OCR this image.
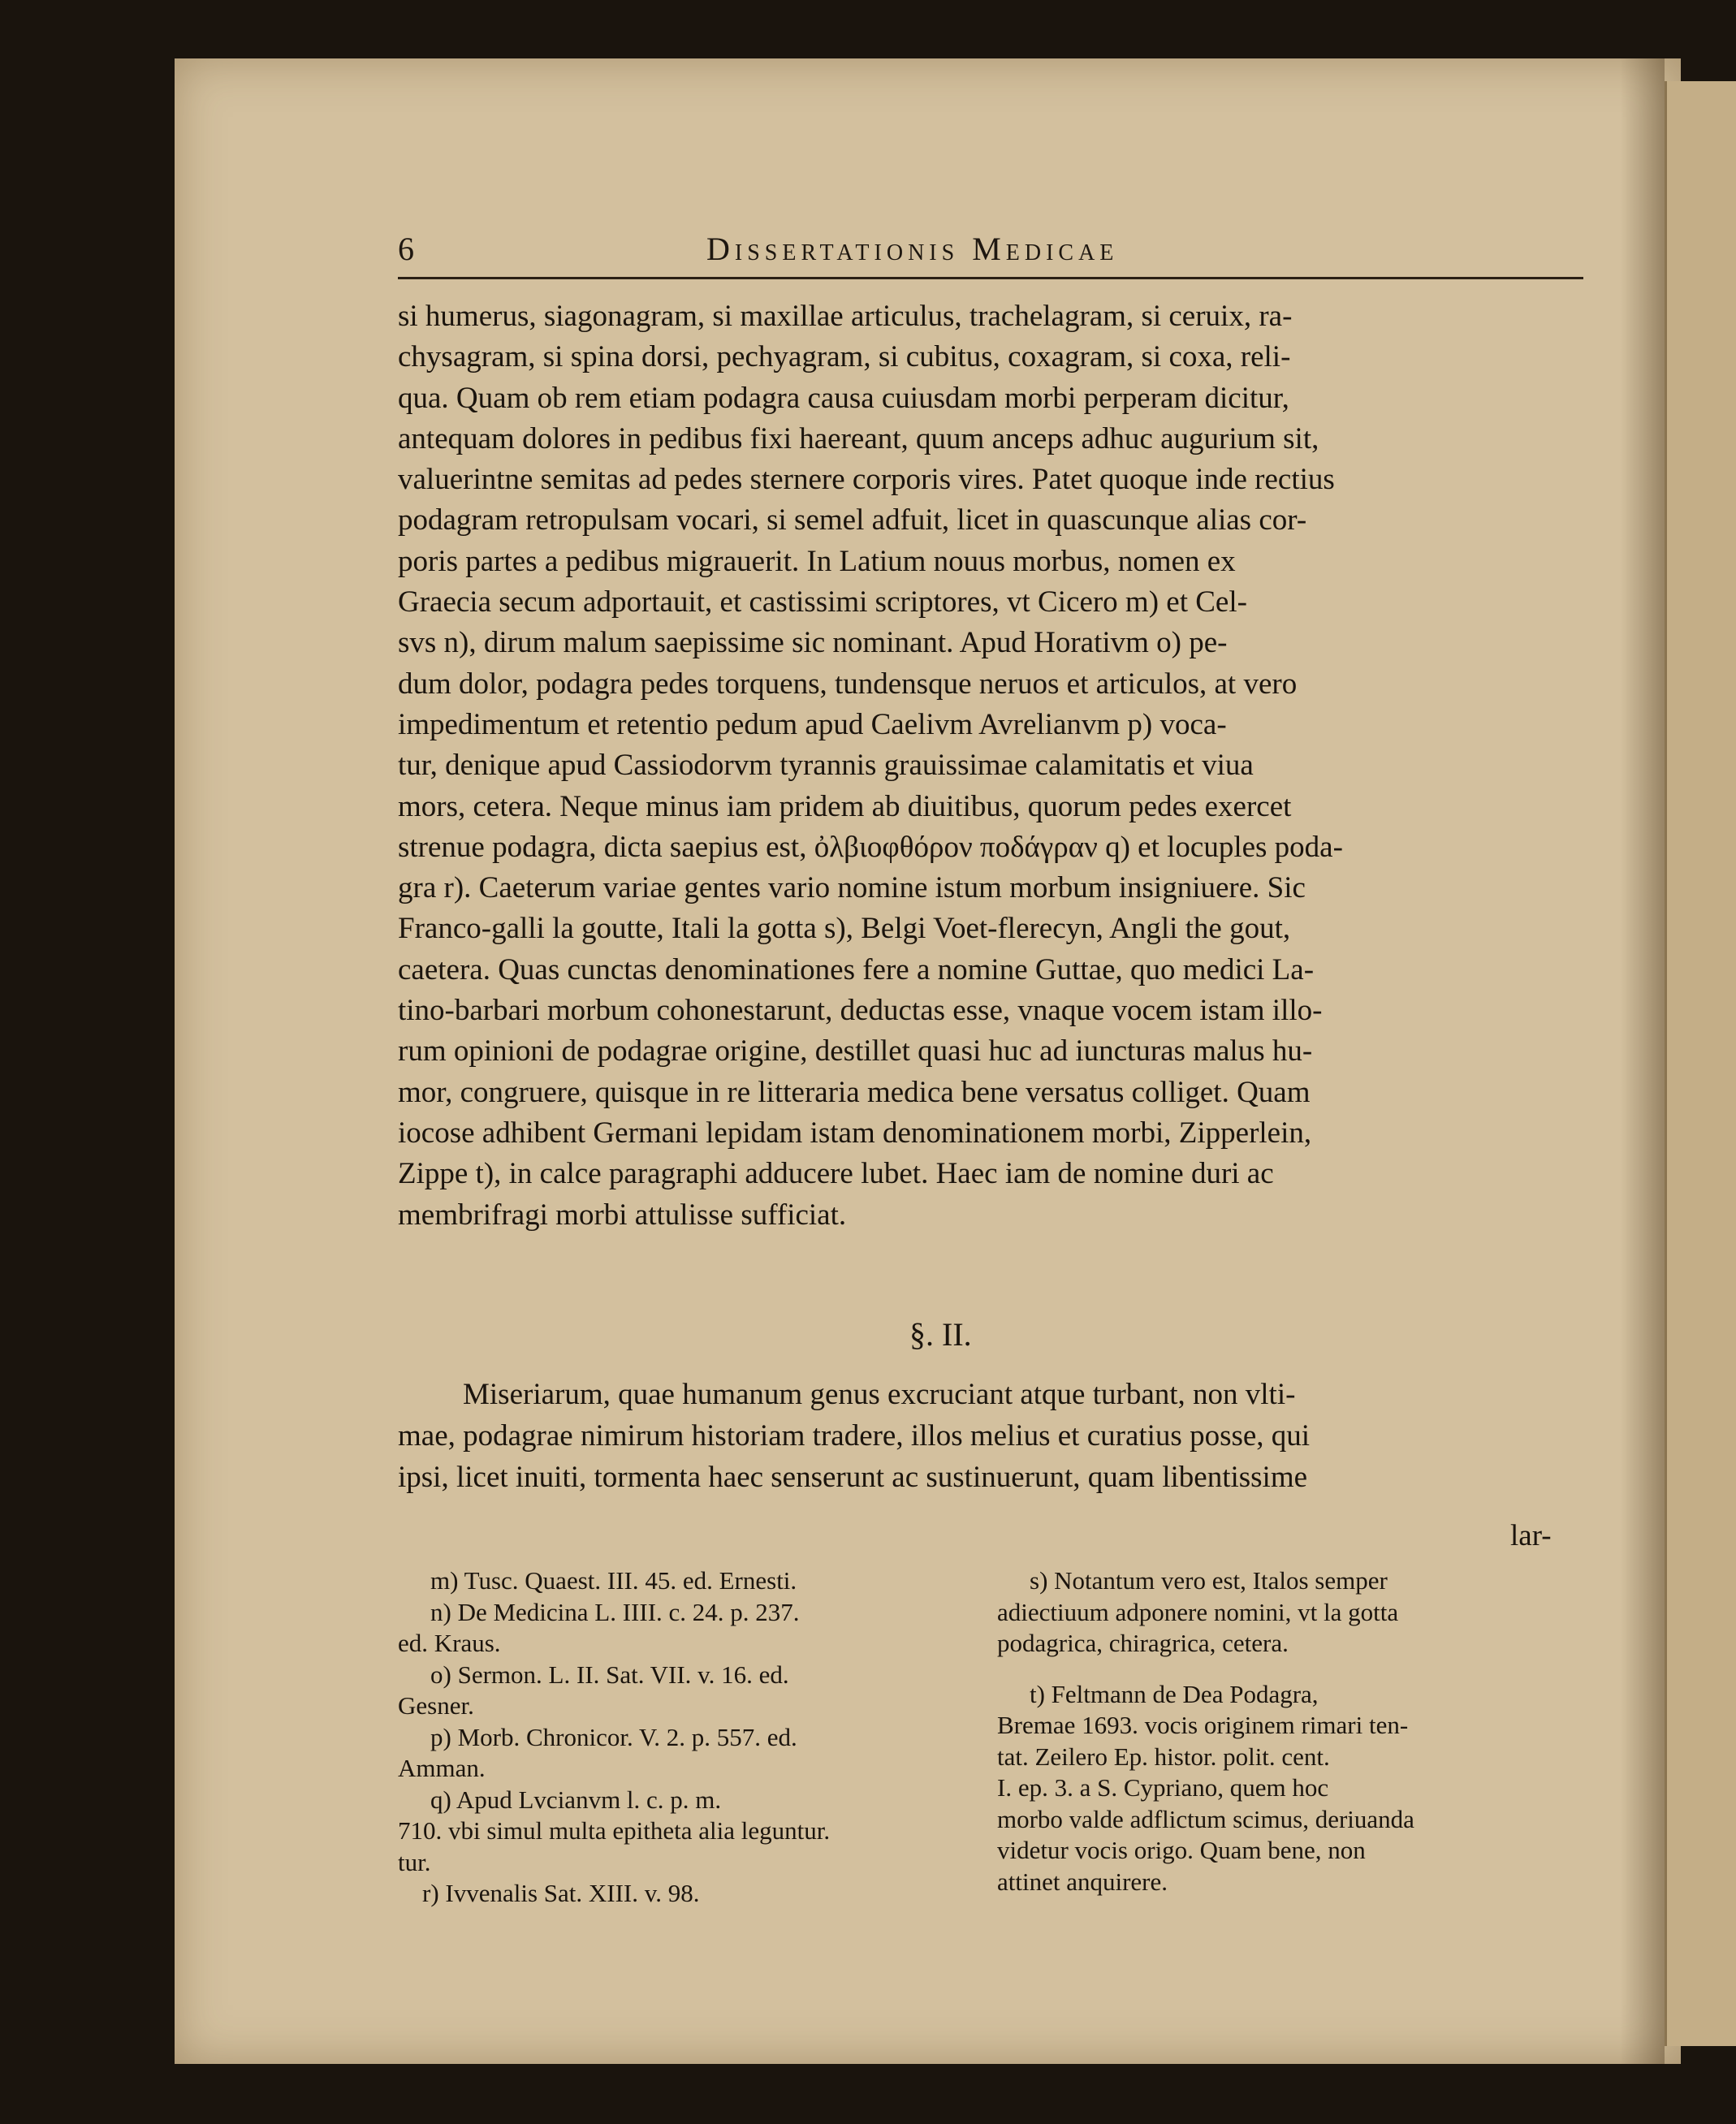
6	Dissertationis Medicae
si humerus, siagonagram, si maxillae articulus, trachelagram, si ceruix, ra-
chysagram, si spina dorsi, pechyagram, si cubitus, coxagram, si coxa, reli-
qua. Quam ob rem etiam podagra causa cuiusdam morbi perperam dicitur,
antequam dolores in pedibus fixi haereant, quum anceps adhuc augurium sit,
valuerintne semitas ad pedes sternere corporis vires. Patet quoque inde rectius
podagram retropulsam vocari, si semel adfuit, licet in quascunque alias cor-
poris partes a pedibus migrauerit. In Latium nouus morbus, nomen ex
Graecia secum adportauit, et castissimi scriptores, vt Cicero m) et Cel-
svs n), dirum malum saepissime sic nominant. Apud Horativm o) pe-
dum dolor, podagra pedes torquens, tundensque neruos et articulos, at vero
impedimentum et retentio pedum apud Caelivm Avrelianvm p) voca-
tur, denique apud Cassiodorvm tyrannis grauissimae calamitatis et viua
mors, cetera. Neque minus iam pridem ab diuitibus, quorum pedes exercet
strenue podagra, dicta saepius est, ὀλβιοφθόρον ποδάγραν q) et locuples poda-
gra r). Caeterum variae gentes vario nomine istum morbum insigniuere. Sic
Franco-galli la goutte, Itali la gotta s), Belgi Voet-flerecyn, Angli the gout,
caetera. Quas cunctas denominationes fere a nomine Guttae, quo medici La-
tino-barbari morbum cohonestarunt, deductas esse, vnaque vocem istam illo-
rum opinioni de podagrae origine, destillet quasi huc ad iuncturas malus hu-
mor, congruere, quisque in re litteraria medica bene versatus colliget. Quam
iocose adhibent Germani lepidam istam denominationem morbi, Zipperlein,
Zippe t), in calce paragraphi adducere lubet. Haec iam de nomine duri ac
membrifragi morbi attulisse sufficiat.
§. II.
Miseriarum, quae humanum genus excruciant atque turbant, non vlti-
mae, podagrae nimirum historiam tradere, illos melius et curatius posse, qui
ipsi, licet inuiti, tormenta haec senserunt ac sustinuerunt, quam libentissime
lar-
m) Tusc. Quaest. III. 45. ed. Ernesti.
n) De Medicina L. IIII. c. 24. p. 237.
ed. Kraus.
o) Sermon. L. II. Sat. VII. v. 16. ed.
Gesner.
p) Morb. Chronicor. V. 2. p. 557. ed.
Amman.
q) Apud Lvcianvm l. c. p. m.
710. vbi simul multa epitheta alia leguntur.
tur.
r) Ivvenalis Sat. XIII. v. 98.
s) Notantum vero est, Italos semper
adiectiuum adponere nomini, vt la gotta
podagrica, chiragrica, cetera.
t) Feltmann de Dea Podagra,
Bremae 1693. vocis originem rimari ten-
tat. Zeilero Ep. histor. polit. cent.
I. ep. 3. a S. Cypriano, quem hoc
morbo valde adflictum scimus, deriuanda
videtur vocis origo. Quam bene, non
attinet anquirere.
